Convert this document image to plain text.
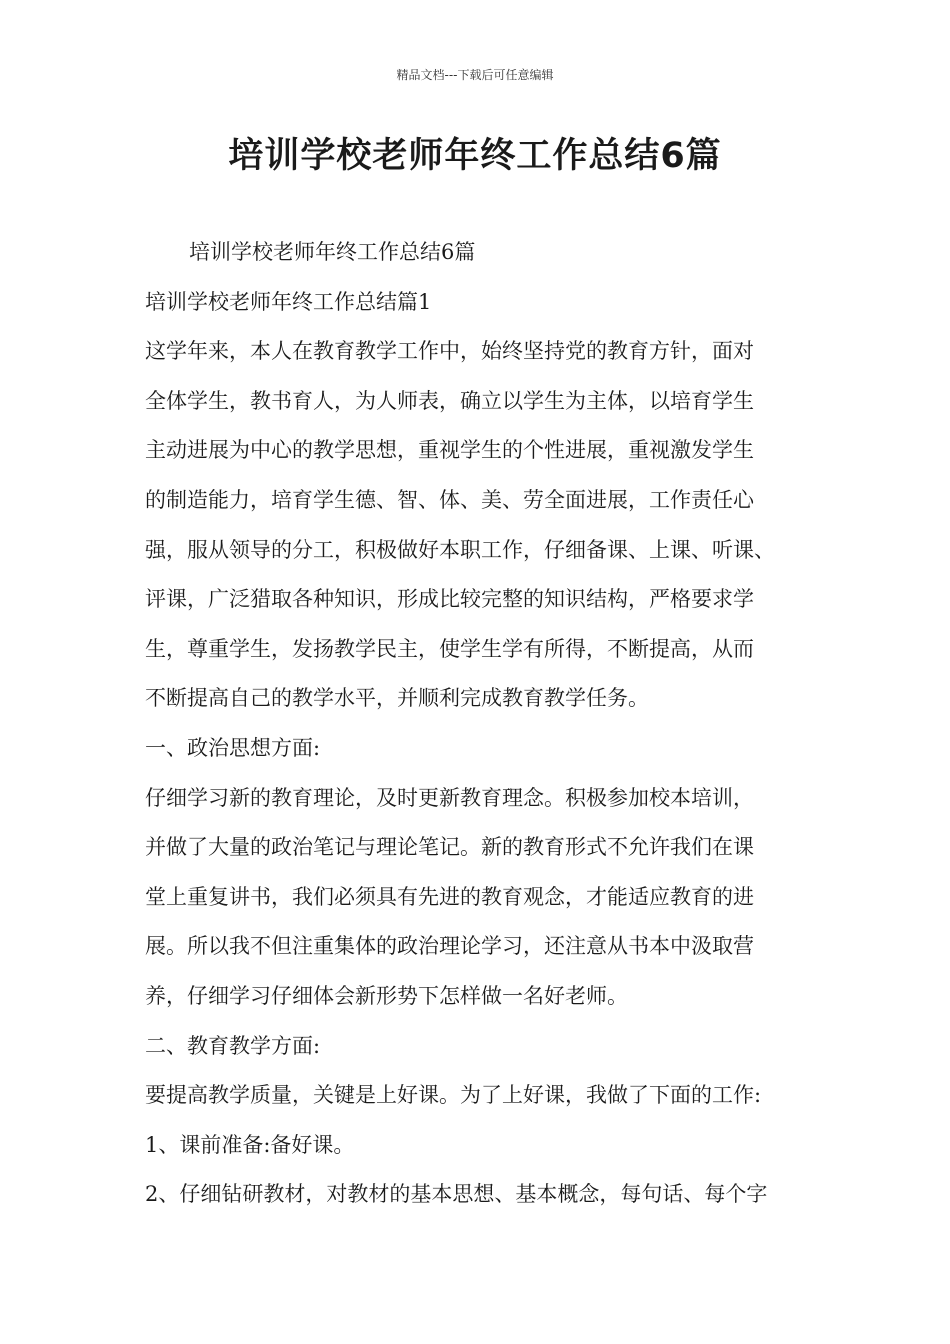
精品文档---下载后可任意编辑
培训学校老师年终工作总结6篇
培训学校老师年终工作总结6篇
培训学校老师年终工作总结篇1
这学年来，本人在教育教学工作中，始终坚持党的教育方针，面对
全体学生，教书育人，为人师表，确立以学生为主体，以培育学生
主动进展为中心的教学思想，重视学生的个性进展，重视激发学生
的制造能力，培育学生德、智、体、美、劳全面进展，工作责任心
强，服从领导的分工，积极做好本职工作，仔细备课、上课、听课、
评课，广泛猎取各种知识，形成比较完整的知识结构，严格要求学
生，尊重学生，发扬教学民主，使学生学有所得，不断提高，从而
不断提高自己的教学水平，并顺利完成教育教学任务。
一、政治思想方面:
仔细学习新的教育理论，及时更新教育理念。积极参加校本培训，
并做了大量的政治笔记与理论笔记。新的教育形式不允许我们在课
堂上重复讲书，我们必须具有先进的教育观念，才能适应教育的进
展。所以我不但注重集体的政治理论学习，还注意从书本中汲取营
养，仔细学习仔细体会新形势下怎样做一名好老师。
二、教育教学方面:
要提高教学质量，关键是上好课。为了上好课，我做了下面的工作:
1、课前准备:备好课。
2、仔细钻研教材，对教材的基本思想、基本概念，每句话、每个字
